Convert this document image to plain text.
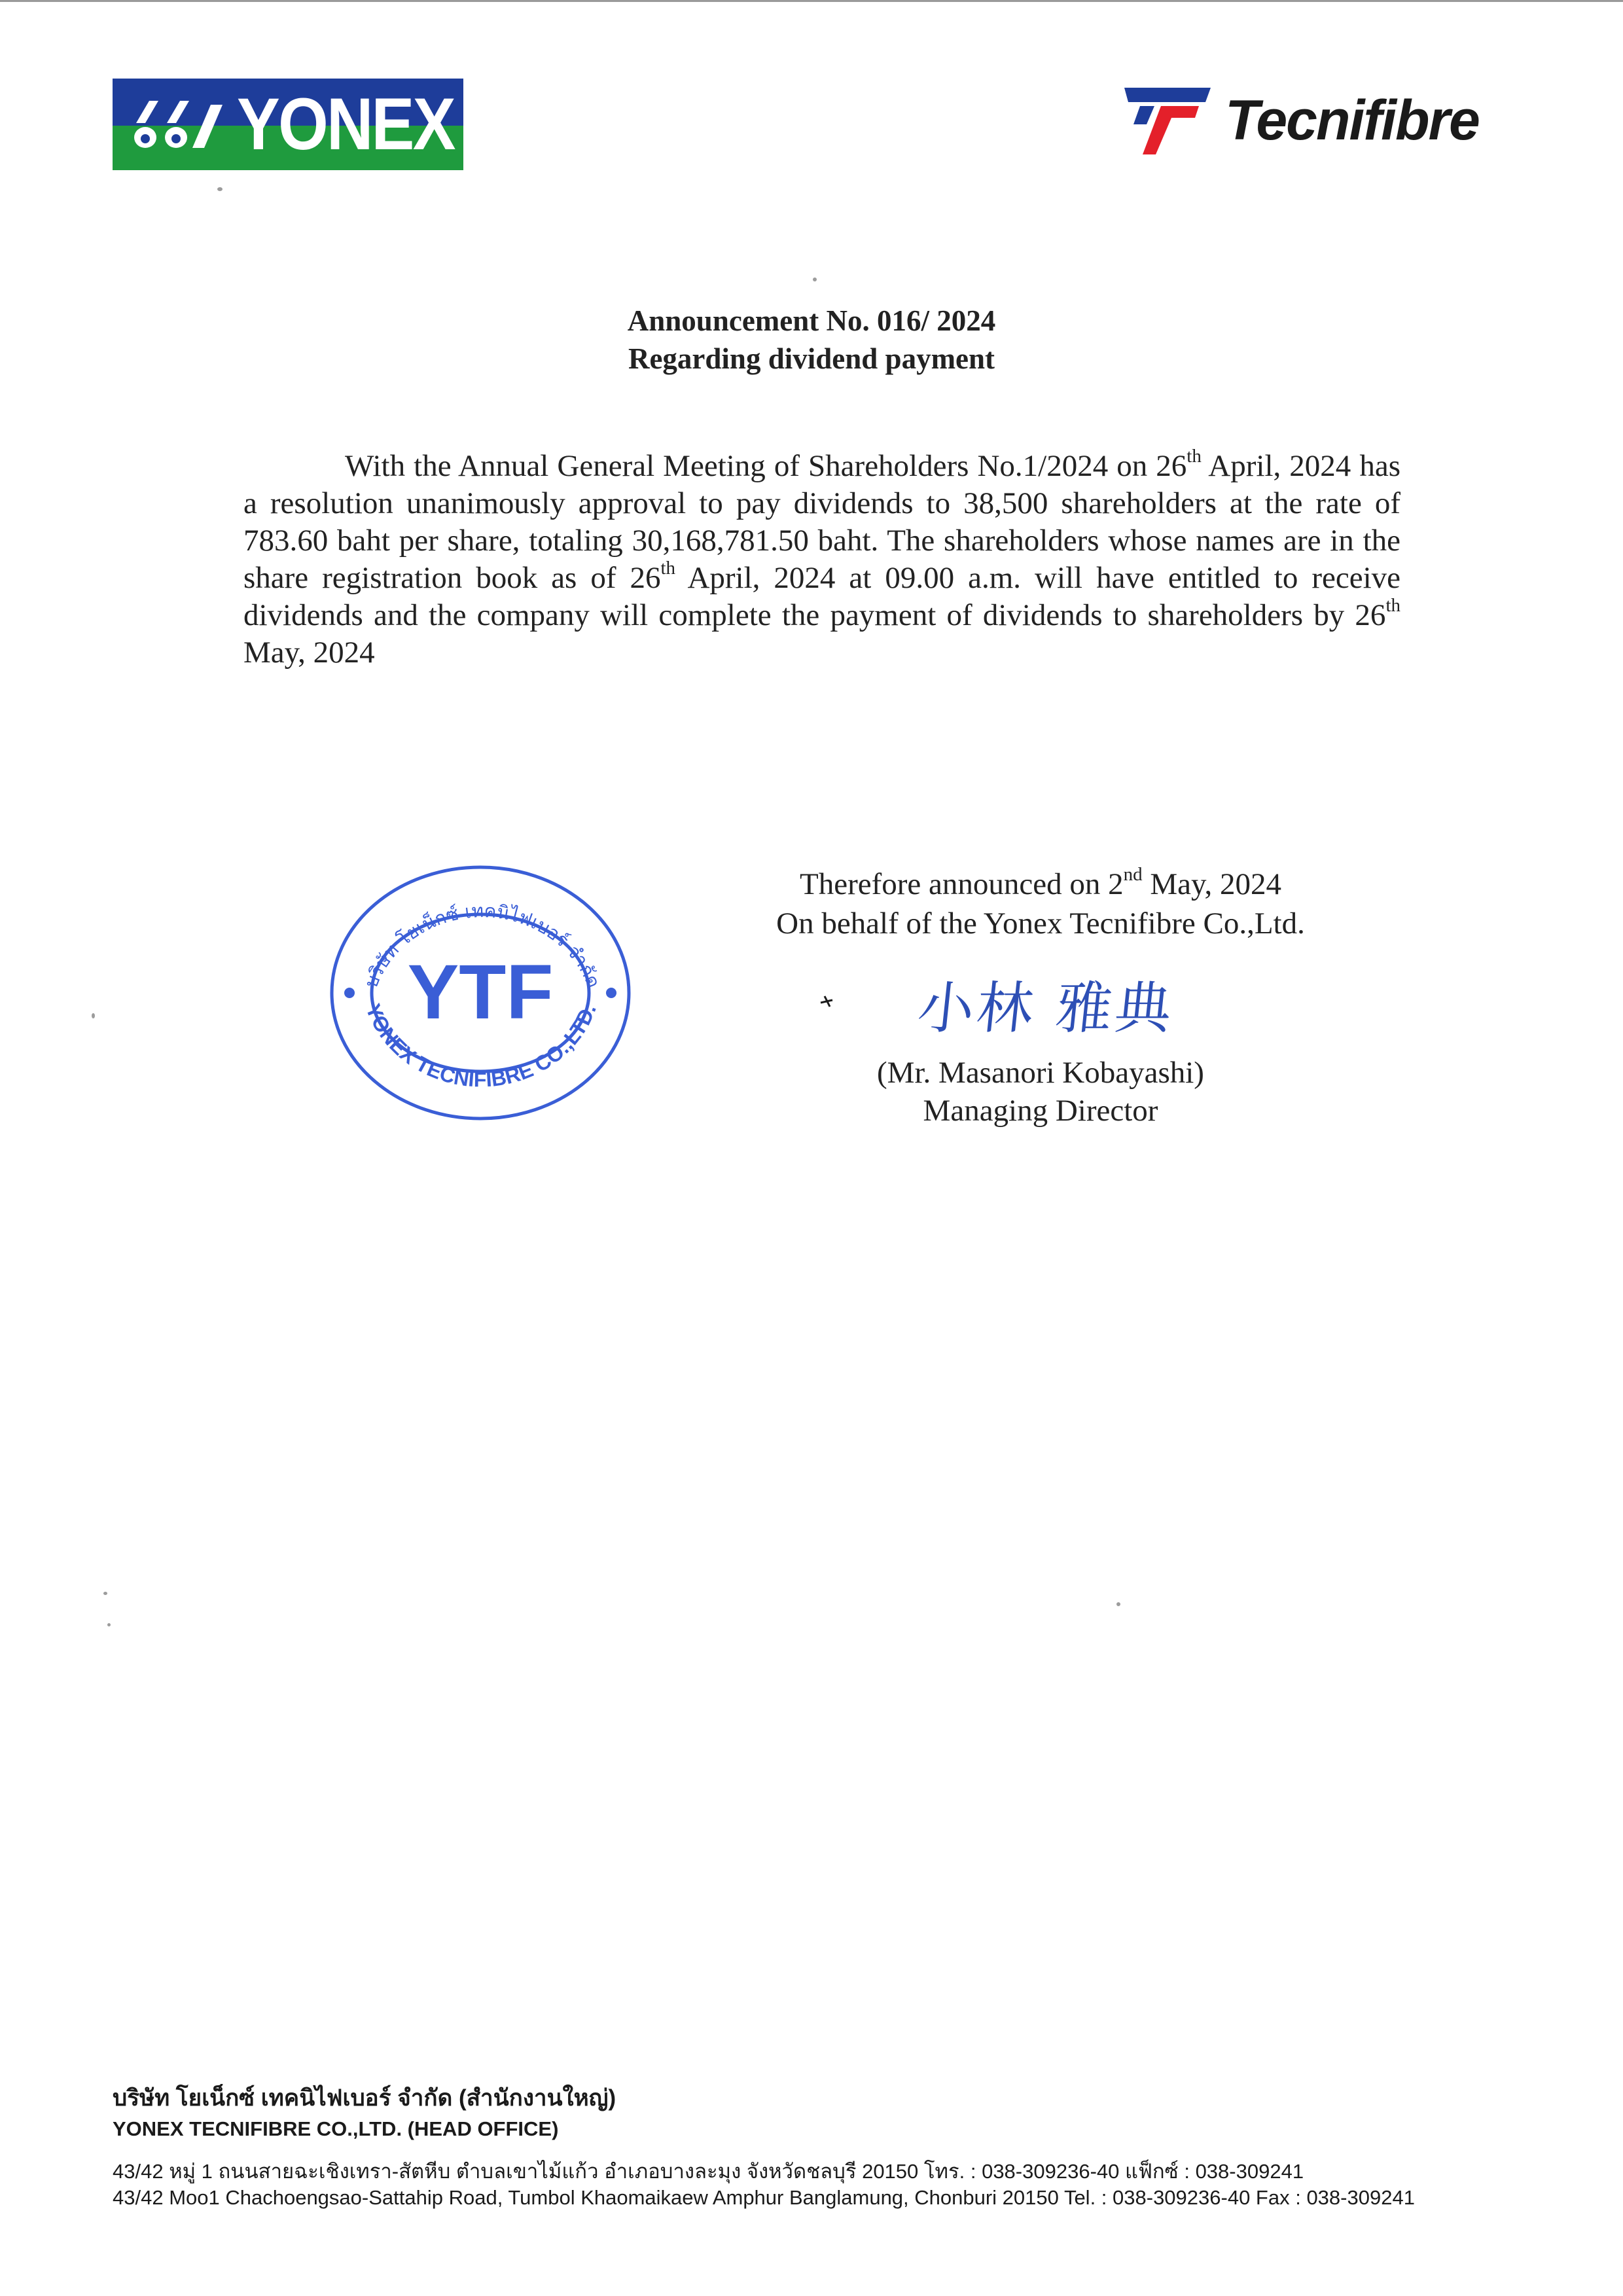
YONEX	Tecnifibre
Announcement No. 016/ 2024
Regarding dividend payment

With the Annual General Meeting of Shareholders No.1/2024 on 26th April, 2024 has a resolution unanimously approval to pay dividends to 38,500 shareholders at the rate of 783.60 baht per share, totaling 30,168,781.50 baht. The shareholders whose names are in the share registration book as of 26th April, 2024 at 09.00 a.m. will have entitled to receive dividends and the company will complete the payment of dividends to shareholders by 26th May, 2024

บริษัท โยเน็กซ์ เทคนิไฟเบอร์ จำกัด
YTF
YONEX TECNIFIBRE CO.,LTD.
Therefore announced on 2nd May, 2024
On behalf of the Yonex Tecnifibre Co.,Ltd.
小林 雅典
(Mr. Masanori Kobayashi)
Managing Director
บริษัท โยเน็กซ์ เทคนิไฟเบอร์ จำกัด (สำนักงานใหญ่)
YONEX TECNIFIBRE CO.,LTD. (HEAD OFFICE)
43/42 หมู่ 1 ถนนสายฉะเชิงเทรา-สัตหีบ ตำบลเขาไม้แก้ว อำเภอบางละมุง จังหวัดชลบุรี 20150 โทร. : 038-309236-40 แฟ็กซ์ : 038-309241
43/42 Moo1 Chachoengsao-Sattahip Road, Tumbol Khaomaikaew Amphur Banglamung, Chonburi 20150 Tel. : 038-309236-40 Fax : 038-309241
